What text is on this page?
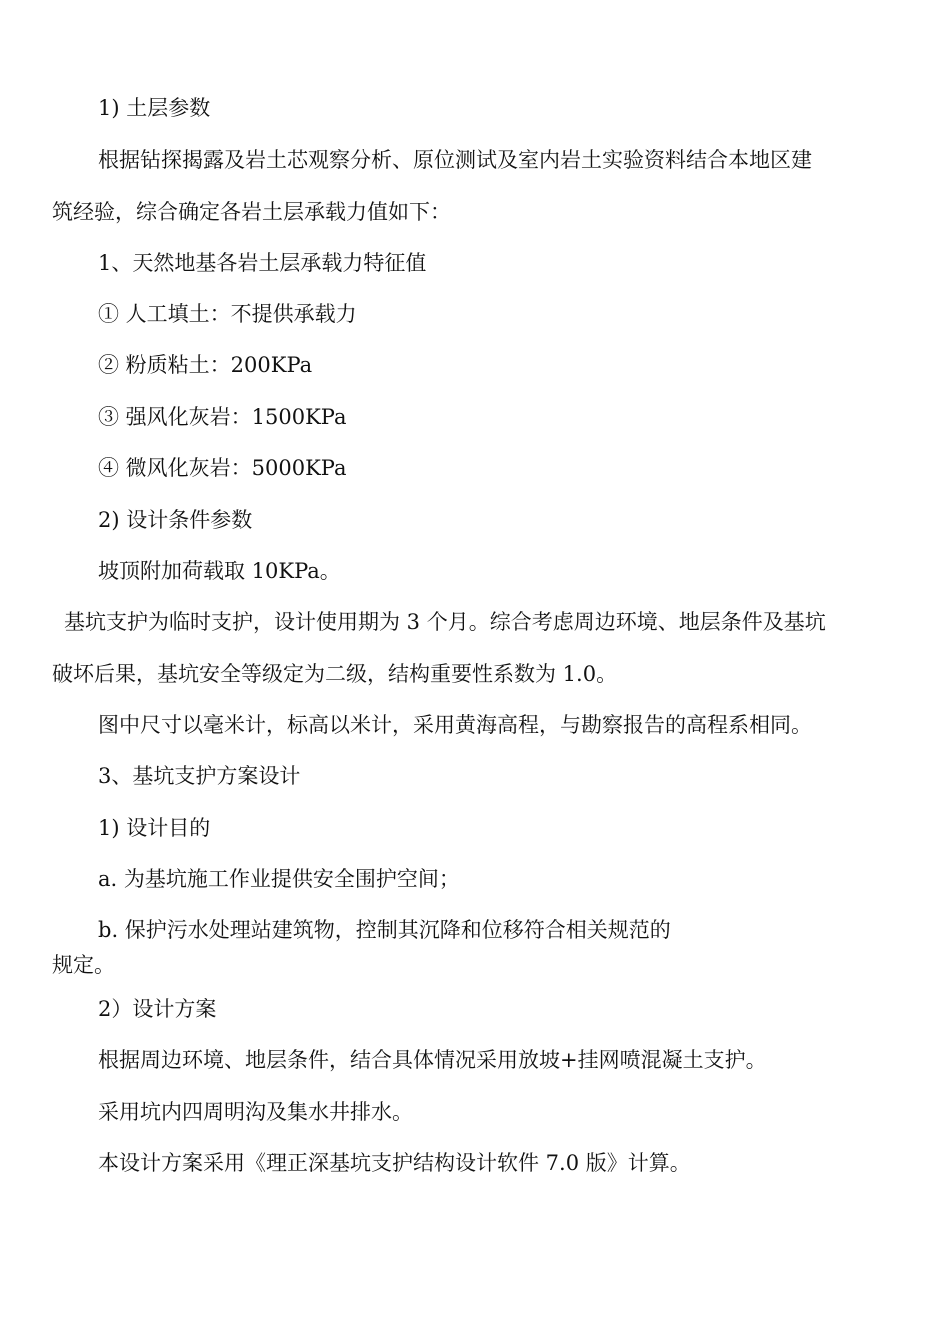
1) 土层参数
根据钻探揭露及岩土芯观察分析、原位测试及室内岩土实验资料结合本地区建
筑经验，综合确定各岩土层承载力值如下：
1、天然地基各岩土层承载力特征值
① 人工填土：不提供承载力
② 粉质粘土：200KPa
③ 强风化灰岩：1500KPa
④ 微风化灰岩：5000KPa
2) 设计条件参数
坡顶附加荷载取 10KPa。
基坑支护为临时支护，设计使用期为 3 个月。综合考虑周边环境、地层条件及基坑
破坏后果，基坑安全等级定为二级，结构重要性系数为 1.0。
图中尺寸以毫米计，标高以米计，采用黄海高程，与勘察报告的高程系相同。
3、基坑支护方案设计
1) 设计目的
a. 为基坑施工作业提供安全围护空间；
b. 保护污水处理站建筑物，控制其沉降和位移符合相关规范的
规定。
2）设计方案
根据周边环境、地层条件，结合具体情况采用放坡+挂网喷混凝土支护。
采用坑内四周明沟及集水井排水。
本设计方案采用《理正深基坑支护结构设计软件 7.0 版》计算。
